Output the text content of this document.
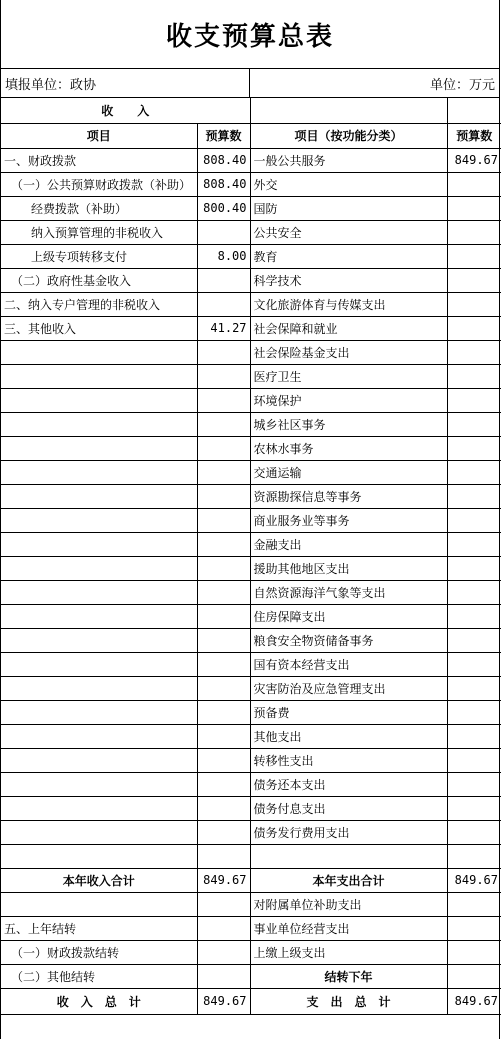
收支预算总表
填报单位：政协	单位：万元
收　　入			
项目	预算数	项目（按功能分类）	预算数
一、财政拨款	808.40	一般公共服务	849.67
（一）公共预算财政拨款（补助）	808.40	外交	
经费拨款（补助）	800.40	国防	
纳入预算管理的非税收入		公共安全	
上级专项转移支付	8.00	教育	
（二）政府性基金收入		科学技术	
二、纳入专户管理的非税收入		文化旅游体育与传媒支出	
三、其他收入	41.27	社会保障和就业	
		社会保险基金支出	
		医疗卫生	
		环境保护	
		城乡社区事务	
		农林水事务	
		交通运输	
		资源勘探信息等事务	
		商业服务业等事务	
		金融支出	
		援助其他地区支出	
		自然资源海洋气象等支出	
		住房保障支出	
		粮食安全物资储备事务	
		国有资本经营支出	
		灾害防治及应急管理支出	
		预备费	
		其他支出	
		转移性支出	
		债务还本支出	
		债务付息支出	
		债务发行费用支出	

本年收入合计	849.67	本年支出合计	849.67
		对附属单位补助支出	
五、上年结转		事业单位经营支出	
（一）财政拨款结转		上缴上级支出	
（二）其他结转		结转下年	
收　入　总　计	849.67	支　出　总　计	849.67
